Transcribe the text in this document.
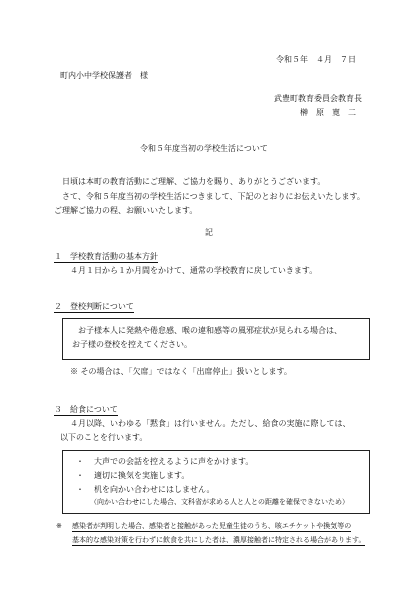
令和５年　４月　７日
町内小中学校保護者　様
武豊町教育委員会教育長
榊　原　寛　二
令和５年度当初の学校生活について
日頃は本町の教育活動にご理解、ご協力を賜り、ありがとうございます。
さて、令和５年度当初の学校生活につきまして、下記のとおりにお伝えいたします。
ご理解ご協力の程、お願いいたします。
記
１　学校教育活動の基本方針
４月１日から１か月間をかけて、通常の学校教育に戻していきます。
２　登校判断について
お子様本人に発熱や倦怠感、喉の違和感等の風邪症状が見られる場合は、
お子様の登校を控えてください。
※ その場合は、「欠席」ではなく「出席停止」扱いとします。
３　給食について
４月以降、いわゆる「黙食」は行いません。ただし、給食の実施に際しては、
以下のことを行います。
・ 大声での会話を控えるように声をかけます。
・ 適切に換気を実施します。
・ 机を向かい合わせにはしません。
（向かい合わせにした場合、文科省が求める人と人との距離を確保できないため）
※ 感染者が判明した場合、感染者と接触があった児童生徒のうち、咳エチケットや換気等の
基本的な感染対策を行わずに飲食を共にした者は、濃厚接触者に特定される場合があります。
